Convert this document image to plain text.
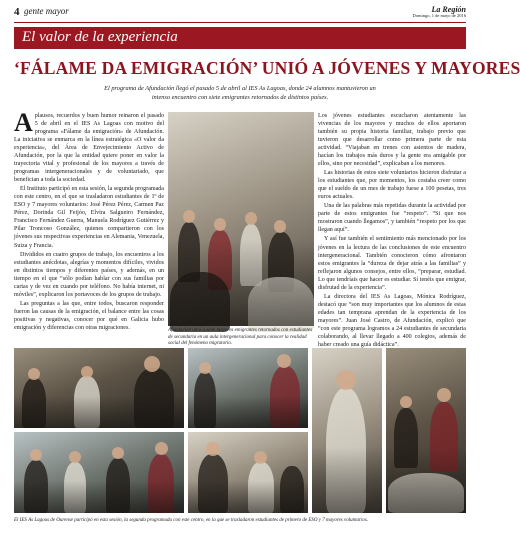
4 gente mayor	La Región
Domingo, 1 de mayo de 2016
El valor de la experiencia
‘FÁLAME DA EMIGRACIÓN’ UNIÓ A JÓVENES Y MAYORES
El programa de Afundación llegó el pasado 5 de abril al IES As Lagoas, donde 24 alumnos mantuvieron un intenso encuentro con siete emigrantes retornados de distintos países.
A plausos, recuerdos y buen humor reinaron el pasado 5 de abril en el IES As Lagoas con motivo del programa «Fálame da emigración» de Afundación. La iniciativa se enmarca en la línea estratégica «O valor da experiencia», del Área de Envejecimiento Activo de Afundación, por la que la entidad quiere poner en valor la trayectoria vital y profesional de los mayores a través de programas intergeneracionales y de voluntariado, que benefician a toda la sociedad.

El Instituto participó en esta sesión, la segunda programada con este centro, en el que se trasladaron estudiantes de 1º de ESO y 7 mayores voluntarios: José Pérez Pérez, Carmen Paz Pérez, Dorinda Gil Feijóo, Elvira Salgueiro Fernández, Francisco Fernández Guerra, Manuela Rodríguez Gutiérrez y Pilar Troncoso González, quienes compartieron con los jóvenes sus respectivas experiencias en Alemania, Venezuela, Suiza y Francia.

Divididos en cuatro grupos de trabajo, los encuentros a los estudiantes anécdotas, alegrías y momentos difíciles, vividos en distintos tiempos y diferentes países, y además, en un tiempo en el que “sólo podían hablar con sus familias por cartas y de vez en cuando por teléfono. No había internet, ni móviles”, explicaron los portavoces de los grupos de trabajo.

Las preguntas a las que, entre todos, buscaron responder fueron las causas de la emigración, el balance entre las cosas positivas y negativas, conocer por qué en Galicia hubo emigración y diferencias con otras migraciones.	Afundación unió a siete mayores emigrantes retornados con estudiantes de secundaria en un aula intergeneracional para conocer la realidad social del fenómeno migratorio.

Los jóvenes estudiantes escucharon atentamente las vivencias de los mayores y muchos de ellos aportaron también su propia historia familiar, trabajo previo que tuvieron que desarrollar como primera parte de esta actividad. “Viajaban en trenes con asientos de madera, hacían los trabajos más duros y la gente era amigable por ellos, sino por necesidad”, explicaban a los menores.

Las historias de estos siete voluntarios hicieron disfrutar a los estudiantes que, por momentos, los costaba creer como que el sueldo de un mes de trabajo fuese a 100 pesetas, tres euros actuales.

Una de las palabras más repetidas durante la actividad por parte de estos emigrantes fue “respeto”. “Si que nos mostraron cuando llegamos”, y también “respeto por los que llegan aquí”.

Y así fue también el sentimiento más mencionado por los jóvenes en la lectura de las conclusiones de este encuentro intergeneracional. También conocieron cómo afrontaron estos emigrantes la “dureza de dejar atrás a las familias” y reflejaron algunos consejos, entre ellos, “preparar, estudiad. Lo que tendríais que hacer es estudiar. Sí tenéis que emigrar, disfrutad de la experiencia”.

La directora del IES As Lagoas, Mónica Rodríguez, destacó que “son muy importantes que los alumnos de estas edades tan temprana aprendan de la experiencia de los mayores”. Juan José Castro, de Afundación, explicó que “con este programa logramos a 24 estudiantes de secundaria colaborando, al llevar llegado a 400 colegios, además de haber creado una guía didáctica”.

El IES As Lagoas de Ourense participó en esta sesión, la segunda programada con este centro, en la que se trasladaron estudiantes de primero de ESO y 7 mayores voluntarios.
